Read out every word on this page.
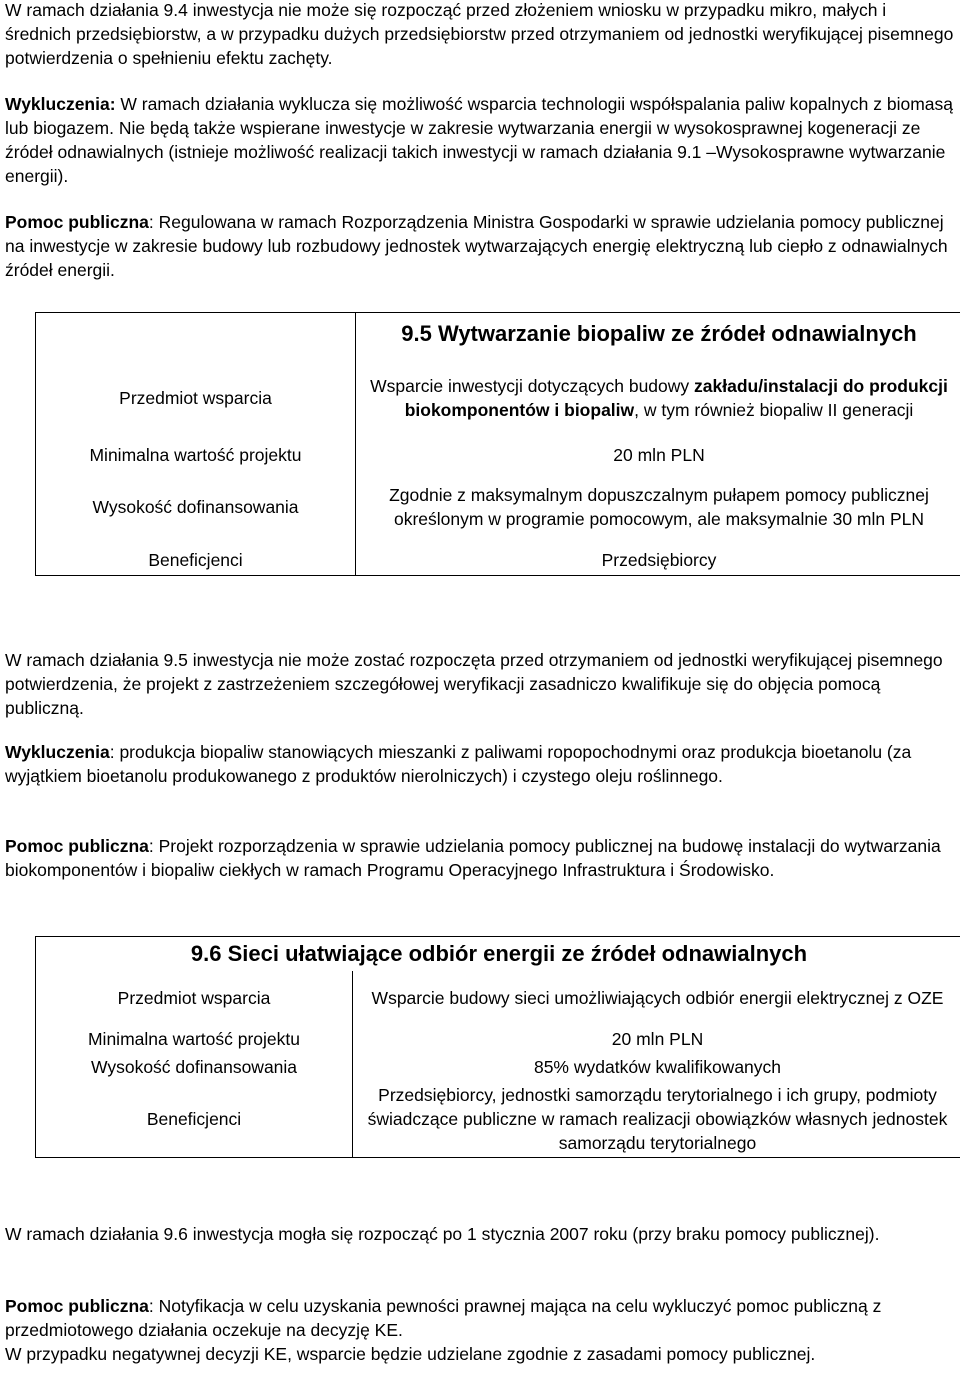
W ramach działania 9.4 inwestycja nie może się rozpocząć przed złożeniem wniosku w przypadku mikro, małych i średnich przedsiębiorstw, a w przypadku dużych przedsiębiorstw przed otrzymaniem od jednostki weryfikującej pisemnego potwierdzenia o spełnieniu efektu zachęty.

Wykluczenia: W ramach działania wyklucza się możliwość wsparcia technologii współspalania paliw kopalnych z biomasą lub biogazem. Nie będą także wspierane inwestycje w zakresie wytwarzania energii w wysokosprawnej kogeneracji ze źródeł odnawialnych (istnieje możliwość realizacji takich inwestycji w ramach działania 9.1 –Wysokosprawne wytwarzanie energii).

Pomoc publiczna: Regulowana w ramach Rozporządzenia Ministra Gospodarki w sprawie udzielania pomocy publicznej na inwestycje w zakresie budowy lub rozbudowy jednostek wytwarzających energię elektryczną lub ciepło z odnawialnych źródeł energii.

	9.5 Wytwarzanie biopaliw ze źródeł odnawialnych

Przedmiot wsparcia	Wsparcie inwestycji dotyczących budowy zakładu/instalacji do produkcji biokomponentów i biopaliw, w tym również biopaliw II generacji
Minimalna wartość projektu	20 mln PLN
Wysokość dofinansowania	Zgodnie z maksymalnym dopuszczalnym pułapem pomocy publicznej określonym w programie pomocowym, ale maksymalnie 30 mln PLN
Beneficjenci	Przedsiębiorcy

W ramach działania 9.5 inwestycja nie może zostać rozpoczęta przed otrzymaniem od jednostki weryfikującej pisemnego potwierdzenia, że projekt z zastrzeżeniem szczegółowej weryfikacji zasadniczo kwalifikuje się do objęcia pomocą publiczną.

Wykluczenia: produkcja biopaliw stanowiących mieszanki z paliwami ropopochodnymi oraz produkcja bioetanolu (za wyjątkiem bioetanolu produkowanego z produktów nierolniczych) i czystego oleju roślinnego.

Pomoc publiczna: Projekt rozporządzenia w sprawie udzielania pomocy publicznej na budowę instalacji do wytwarzania biokomponentów i biopaliw ciekłych w ramach Programu Operacyjnego Infrastruktura i Środowisko.

9.6 Sieci ułatwiające odbiór energii ze źródeł odnawialnych	

Przedmiot wsparcia	Wsparcie budowy sieci umożliwiających odbiór energii elektrycznej z OZE
Minimalna wartość projektu	20 mln PLN
Wysokość dofinansowania	85% wydatków kwalifikowanych
Beneficjenci	Przedsiębiorcy, jednostki samorządu terytorialnego i ich grupy, podmioty świadczące publiczne w ramach realizacji obowiązków własnych jednostek samorządu terytorialnego

W ramach działania 9.6 inwestycja mogła się rozpocząć po 1 stycznia 2007 roku (przy braku pomocy publicznej).

Pomoc publiczna: Notyfikacja w celu uzyskania pewności prawnej mająca na celu wykluczyć pomoc publiczną z przedmiotowego działania oczekuje na decyzję KE.

W przypadku negatywnej decyzji KE, wsparcie będzie udzielane zgodnie z zasadami pomocy publicznej.
